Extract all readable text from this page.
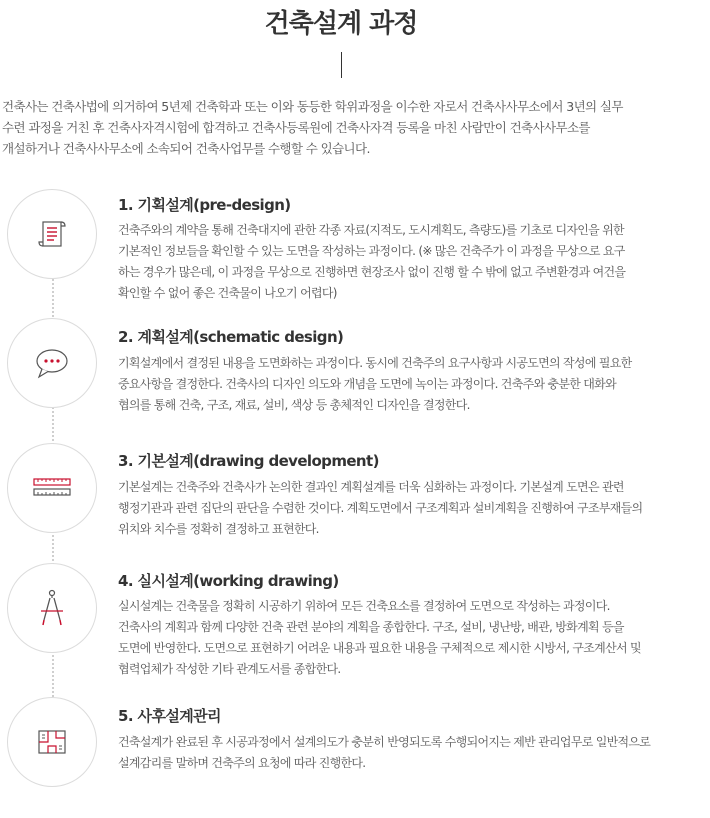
건축설계 과정
건축사는 건축사법에 의거하여 5년제 건축학과 또는 이와 동등한 학위과정을 이수한 자로서 건축사사무소에서 3년의 실무
수련 과정을 거친 후 건축사자격시험에 합격하고 건축사등록원에 건축사자격 등록을 마친 사람만이 건축사사무소를
개설하거나 건축사사무소에 소속되어 건축사업무를 수행할 수 있습니다.
1. 기획설계(pre-design)
건축주와의 계약을 통해 건축대지에 관한 각종 자료(지적도, 도시계획도, 측량도)를 기초로 디자인을 위한
기본적인 정보들을 확인할 수 있는 도면을 작성하는 과정이다. (※ 많은 건축주가 이 과정을 무상으로 요구
하는 경우가 많은데, 이 과정을 무상으로 진행하면 현장조사 없이 진행 할 수 밖에 없고 주변환경과 여건을
확인할 수 없어 좋은 건축물이 나오기 어렵다)
2. 계획설계(schematic design)
기획설계에서 결정된 내용을 도면화하는 과정이다. 동시에 건축주의 요구사항과 시공도면의 작성에 필요한
중요사항을 결정한다. 건축사의 디자인 의도와 개념을 도면에 녹이는 과정이다. 건축주와 충분한 대화와
협의를 통해 건축, 구조, 재료, 설비, 색상 등 총체적인 디자인을 결정한다.
3. 기본설계(drawing development)
기본설계는 건축주와 건축사가 논의한 결과인 계획설계를 더욱 심화하는 과정이다. 기본설계 도면은 관련
행정기관과 관련 집단의 판단을 수렴한 것이다. 계획도면에서 구조계획과 설비계획을 진행하여 구조부재들의
위치와 치수를 정확히 결정하고 표현한다.
4. 실시설계(working drawing)
실시설계는 건축물을 정확히 시공하기 위하여 모든 건축요소를 결정하여 도면으로 작성하는 과정이다.
건축사의 계획과 함께 다양한 건축 관련 분야의 계획을 종합한다. 구조, 설비, 냉난방, 배관, 방화계획 등을
도면에 반영한다. 도면으로 표현하기 어려운 내용과 필요한 내용을 구체적으로 제시한 시방서, 구조계산서 및
협력업체가 작성한 기타 관계도서를 종합한다.
5. 사후설계관리
건축설계가 완료된 후 시공과정에서 설계의도가 충분히 반영되도록 수행되어지는 제반 관리업무로 일반적으로
설계감리를 말하며 건축주의 요청에 따라 진행한다.
